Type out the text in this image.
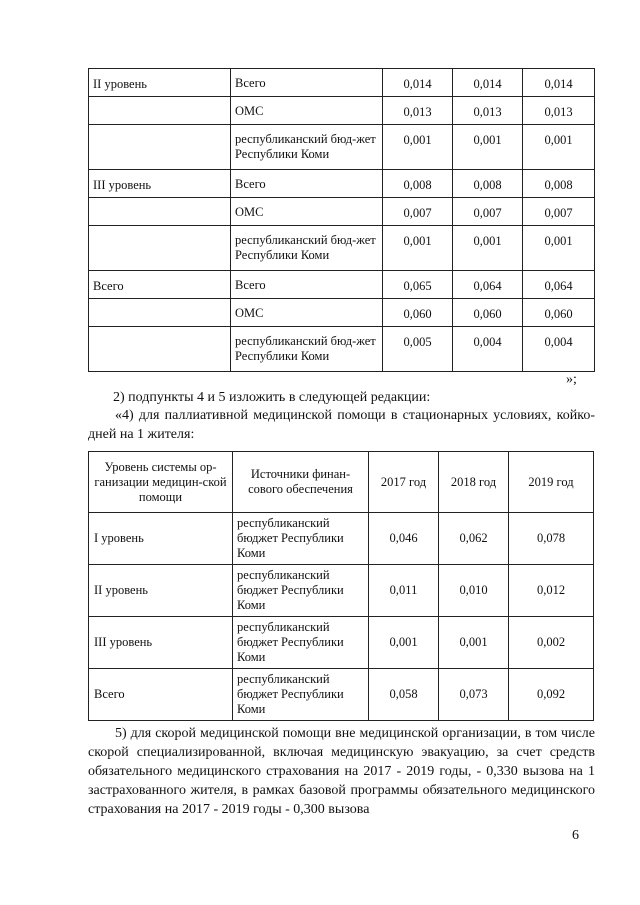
II уровень	Всего	0,014	0,014	0,014
	ОМС	0,013	0,013	0,013
	республиканский бюд-жет Республики Коми	0,001	0,001	0,001
III уровень	Всего	0,008	0,008	0,008
	ОМС	0,007	0,007	0,007
	республиканский бюд-жет Республики Коми	0,001	0,001	0,001
Всего	Всего	0,065	0,064	0,064
	ОМС	0,060	0,060	0,060
	республиканский бюд-жет Республики Коми	0,005	0,004	0,004
»;
2) подпункты 4 и 5 изложить в следующей редакции:
«4) для паллиативной медицинской помощи в стационарных условиях, койко-дней на 1 жителя:
Уровень системы ор-ганизации медицин-ской помощи	Источники финан-сового обеспечения	2017 год	2018 год	2019 год
I уровень	республиканский бюджет Республики Коми	0,046	0,062	0,078
II уровень	республиканский бюджет Республики Коми	0,011	0,010	0,012
III уровень	республиканский бюджет Республики Коми	0,001	0,001	0,002
Всего	республиканский бюджет Республики Коми	0,058	0,073	0,092
5) для скорой медицинской помощи вне медицинской организации, в том числе скорой специализированной, включая медицинскую эвакуацию, за счет средств обязательного медицинского страхования на 2017 - 2019 годы, - 0,330 вызова на 1 застрахованного жителя, в рамках базовой программы обязательного медицинского страхования на 2017 - 2019 годы - 0,300 вызова
6
